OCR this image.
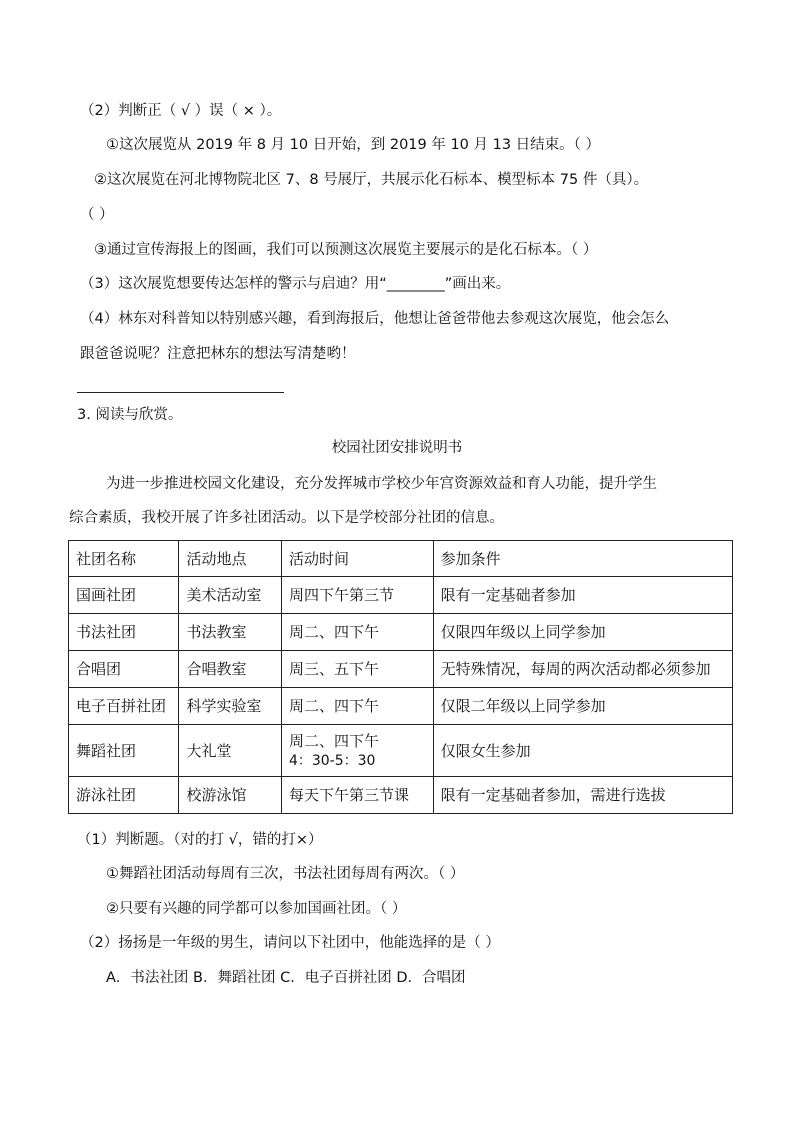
（2）判断正（ √ ）误（ × ）。
①这次展览从 2019 年 8 月 10 日开始，到 2019 年 10 月 13 日结束。（ ）
②这次展览在河北博物院北区 7、8 号展厅，共展示化石标本、模型标本 75 件（具）。
（ ）
③通过宣传海报上的图画，我们可以预测这次展览主要展示的是化石标本。（ ）
（3）这次展览想要传达怎样的警示与启迪？用“________”画出来。
（4）林东对科普知以特别感兴趣，看到海报后，他想让爸爸带他去参观这次展览，他会怎么
跟爸爸说呢？注意把林东的想法写清楚哟！
3. 阅读与欣赏。
校园社团安排说明书
为进一步推进校园文化建设，充分发挥城市学校少年宫资源效益和育人功能，提升学生
综合素质，我校开展了许多社团活动。以下是学校部分社团的信息。
社团名称	活动地点	活动时间	参加条件
国画社团	美术活动室	周四下午第三节	限有一定基础者参加
书法社团	书法教室	周二、四下午	仅限四年级以上同学参加
合唱团	合唱教室	周三、五下午	无特殊情况，每周的两次活动都必须参加
电子百拼社团	科学实验室	周二、四下午	仅限二年级以上同学参加
舞蹈社团	大礼堂	周二、四下午
4：30-5：30	仅限女生参加
游泳社团	校游泳馆	每天下午第三节课	限有一定基础者参加，需进行选拔
（1）判断题。（对的打 √，错的打×）
①舞蹈社团活动每周有三次，书法社团每周有两次。（ ）
②只要有兴趣的同学都可以参加国画社团。（ ）
（2）扬扬是一年级的男生，请问以下社团中，他能选择的是（ ）
A．书法社团 B．舞蹈社团 C．电子百拼社团 D．合唱团
